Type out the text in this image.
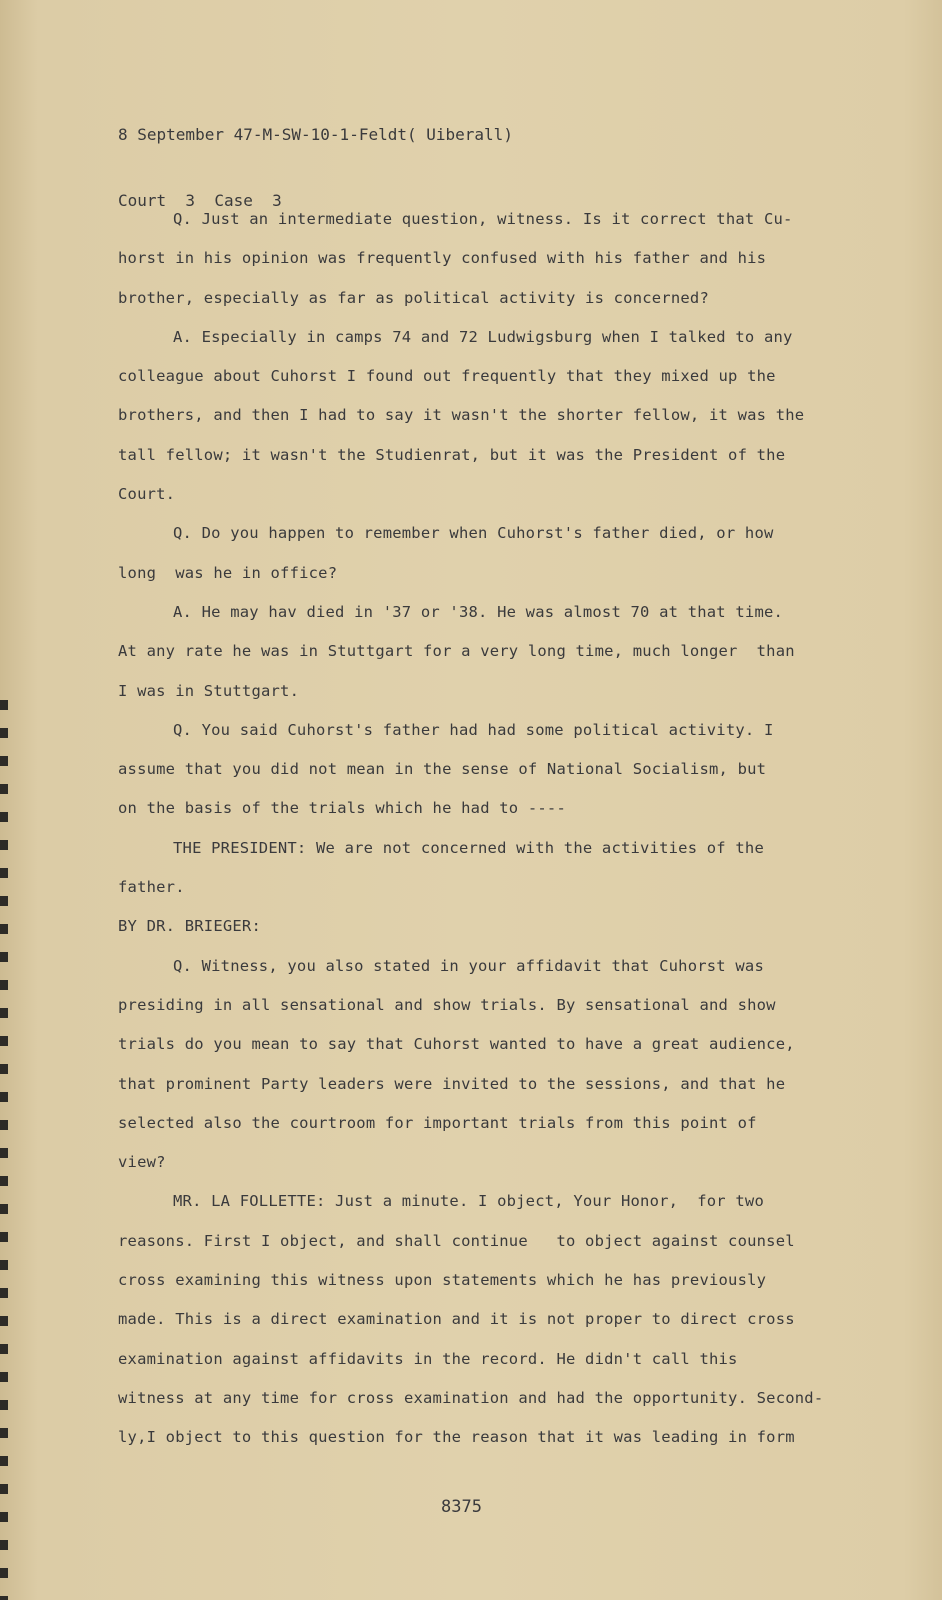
8 September 47-M-SW-10-1-Feldt( Uiberall)

Court  3  Case  3

Q. Just an intermediate question, witness. Is it correct that Cu-
horst in his opinion was frequently confused with his father and his
brother, especially as far as political activity is concerned?
A. Especially in camps 74 and 72 Ludwigsburg when I talked to any
colleague about Cuhorst I found out frequently that they mixed up the
brothers, and then I had to say it wasn't the shorter fellow, it was the
tall fellow; it wasn't the Studienrat, but it was the President of the
Court.
Q. Do you happen to remember when Cuhorst's father died, or how
long  was he in office?
A. He may hav died in '37 or '38. He was almost 70 at that time.
At any rate he was in Stuttgart for a very long time, much longer  than
I was in Stuttgart.
Q. You said Cuhorst's father had had some political activity. I
assume that you did not mean in the sense of National Socialism, but
on the basis of the trials which he had to ----
THE PRESIDENT: We are not concerned with the activities of the
father.
BY DR. BRIEGER:
Q. Witness, you also stated in your affidavit that Cuhorst was
presiding in all sensational and show trials. By sensational and show
trials do you mean to say that Cuhorst wanted to have a great audience,
that prominent Party leaders were invited to the sessions, and that he
selected also the courtroom for important trials from this point of
view?
MR. LA FOLLETTE: Just a minute. I object, Your Honor,  for two
reasons. First I object, and shall continue   to object against counsel
cross examining this witness upon statements which he has previously
made. This is a direct examination and it is not proper to direct cross
examination against affidavits in the record. He didn't call this
witness at any time for cross examination and had the opportunity. Second-
ly,I object to this question for the reason that it was leading in form
8375
